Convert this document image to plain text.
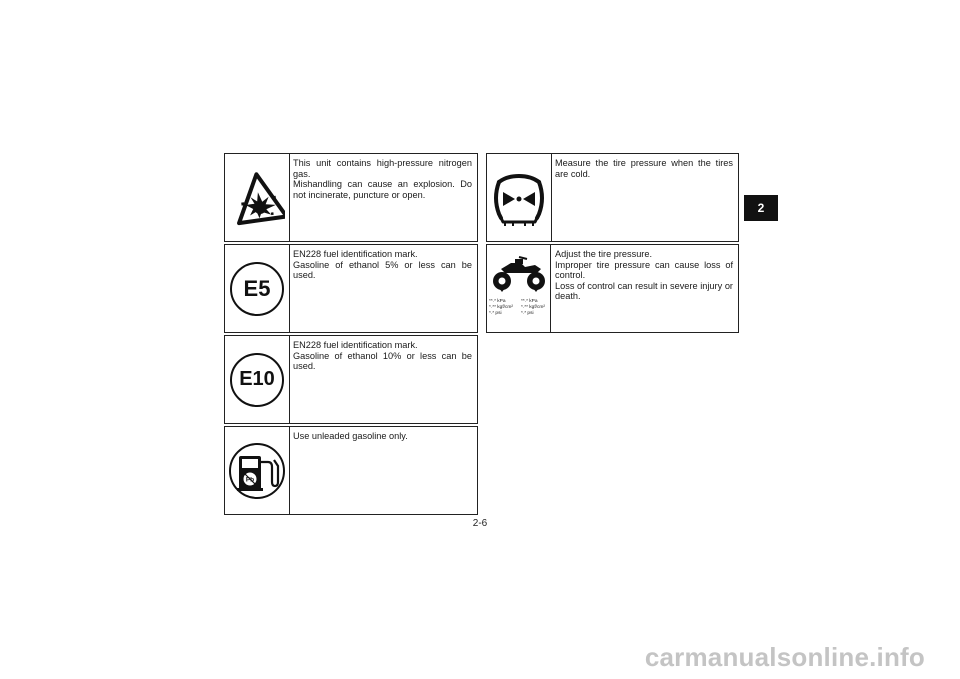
This unit contains high-pressure nitrogen gas.

Mishandling can cause an explosion. Do not incinerate, puncture or open.

E5

EN228 fuel identification mark.

Gasoline of ethanol 5% or less can be used.

E10

EN228 fuel identification mark.

Gasoline of ethanol 10% or less can be used.

Pb

Use unleaded gasoline only.

Measure the tire pressure when the tires are cold.

**.* kPa
*.** kgf/cm²
*.* psi
**.* kPa
*.** kgf/cm²
*.* psi

Adjust the tire pressure.

Improper tire pressure can cause loss of control.

Loss of control can result in severe injury or death.

2
2-6
carmanualsonline.info
